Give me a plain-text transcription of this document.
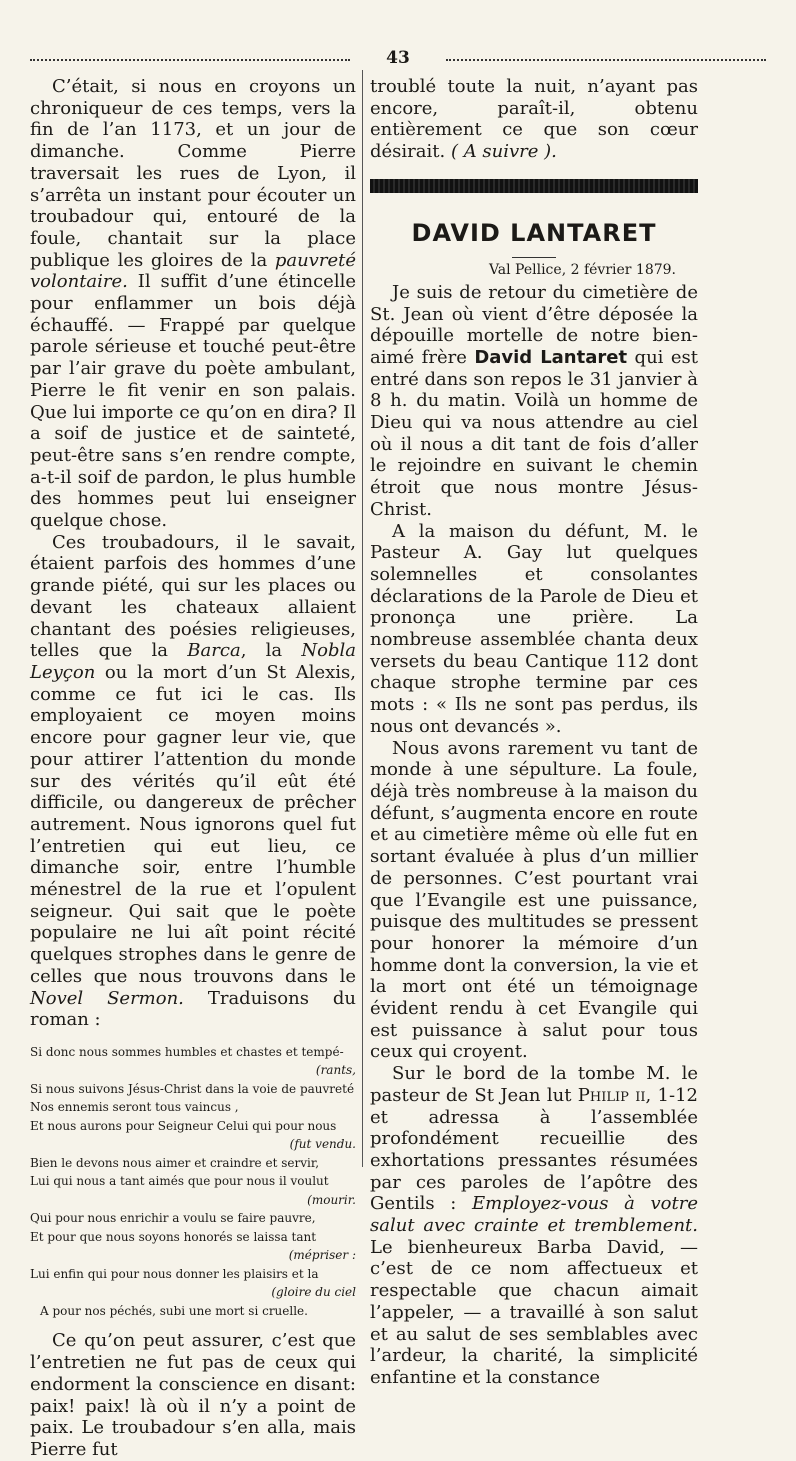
43

C’était, si nous en croyons un chroniqueur de ces temps, vers la fin de l’an 1173, et un jour de dimanche. Comme Pierre traversait les rues de Lyon, il s’arrêta un instant pour écouter un troubadour qui, entouré de la foule, chantait sur la place publique les gloires de la pauvreté volontaire. Il suffit d’une étincelle pour enflammer un bois déjà échauffé. — Frappé par quelque parole sérieuse et touché peut-être par l’air grave du poète ambulant, Pierre le fit venir en son palais. Que lui importe ce qu’on en dira? Il a soif de justice et de sainteté, peut-être sans s’en rendre compte, a-t-il soif de pardon, le plus humble des hommes peut lui enseigner quelque chose.

Ces troubadours, il le savait, étaient parfois des hommes d’une grande piété, qui sur les places ou devant les chateaux allaient chantant des poésies religieuses, telles que la Barca, la Nobla Leyçon ou la mort d’un St Alexis, comme ce fut ici le cas. Ils employaient ce moyen moins encore pour gagner leur vie, que pour attirer l’attention du monde sur des vérités qu’il eût été difficile, ou dangereux de prêcher autrement. Nous ignorons quel fut l’entretien qui eut lieu, ce dimanche soir, entre l’humble ménestrel de la rue et l’opulent seigneur. Qui sait que le poète populaire ne lui aît point récité quelques strophes dans le genre de celles que nous trouvons dans le Novel Sermon. Traduisons du roman :

Si donc nous sommes humbles et chastes et tempé-
(rants,
Si nous suivons Jésus-Christ dans la voie de pauvreté
Nos ennemis seront tous vaincus ,
Et nous aurons pour Seigneur Celui qui pour nous
(fut vendu.
Bien le devons nous aimer et craindre et servir,
Lui qui nous a tant aimés que pour nous il voulut
(mourir.
Qui pour nous enrichir a voulu se faire pauvre,
Et pour que nous soyons honorés se laissa tant
(mépriser :
Lui enfin qui pour nous donner les plaisirs et la
(gloire du ciel
A pour nos péchés, subi une mort si cruelle.

Ce qu’on peut assurer, c’est que l’entretien ne fut pas de ceux qui endorment la conscience en disant: paix! paix! là où il n’y a point de paix. Le troubadour s’en alla, mais Pierre fut

troublé toute la nuit, n’ayant pas encore, paraît-il, obtenu entièrement ce que son cœur désirait. ( A suivre ).

DAVID LANTARET
Val Pellice, 2 février 1879.

Je suis de retour du cimetière de St. Jean où vient d’être déposée la dépouille mortelle de notre bien-aimé frère David Lantaret qui est entré dans son repos le 31 janvier à 8 h. du matin. Voilà un homme de Dieu qui va nous attendre au ciel où il nous a dit tant de fois d’aller le rejoindre en suivant le chemin étroit que nous montre Jésus-Christ.

A la maison du défunt, M. le Pasteur A. Gay lut quelques solemnelles et consolantes déclarations de la Parole de Dieu et prononça une prière. La nombreuse assemblée chanta deux versets du beau Cantique 112 dont chaque strophe termine par ces mots : « Ils ne sont pas perdus, ils nous ont devancés ».

Nous avons rarement vu tant de monde à une sépulture. La foule, déjà très nombreuse à la maison du défunt, s’augmenta encore en route et au cimetière même où elle fut en sortant évaluée à plus d’un millier de personnes. C’est pourtant vrai que l’Evangile est une puissance, puisque des multitudes se pressent pour honorer la mémoire d’un homme dont la conversion, la vie et la mort ont été un témoignage évident rendu à cet Evangile qui est puissance à salut pour tous ceux qui croyent.

Sur le bord de la tombe M. le pasteur de St Jean lut Philip ii, 1-12 et adressa à l’assemblée profondément recueillie des exhortations pressantes résumées par ces paroles de l’apôtre des Gentils : Employez-vous à votre salut avec crainte et tremblement. Le bienheureux Barba David, — c’est de ce nom affectueux et respectable que chacun aimait l’appeler, — a travaillé à son salut et au salut de ses semblables avec l’ardeur, la charité, la simplicité enfantine et la constance
